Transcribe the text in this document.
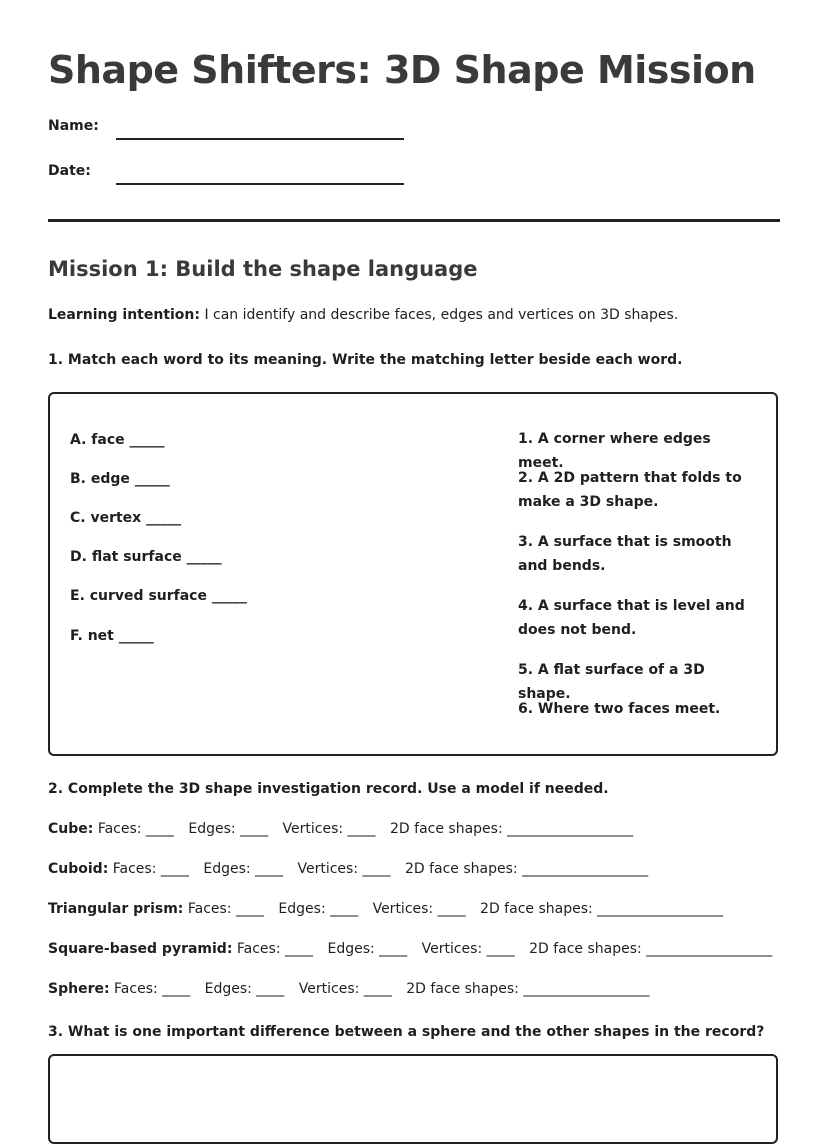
Shape Shifters: 3D Shape Mission
Name:
Date:
Mission 1: Build the shape language
Learning intention: I can identify and describe faces, edges and vertices on 3D shapes.
1. Match each word to its meaning. Write the matching letter beside each word.
A. face _____
B. edge _____
C. vertex _____
D. flat surface _____
E. curved surface _____
F. net _____
1. A corner where edges meet.
2. A 2D pattern that folds to make a 3D shape.
3. A surface that is smooth and bends.
4. A surface that is level and does not bend.
5. A flat surface of a 3D shape.
6. Where two faces meet.
2. Complete the 3D shape investigation record. Use a model if needed.
Cube: Faces: ____ Edges: ____ Vertices: ____ 2D face shapes: __________________
Cuboid: Faces: ____ Edges: ____ Vertices: ____ 2D face shapes: __________________
Triangular prism: Faces: ____ Edges: ____ Vertices: ____ 2D face shapes: __________________
Square-based pyramid: Faces: ____ Edges: ____ Vertices: ____ 2D face shapes: __________________
Sphere: Faces: ____ Edges: ____ Vertices: ____ 2D face shapes: __________________
3. What is one important difference between a sphere and the other shapes in the record?
